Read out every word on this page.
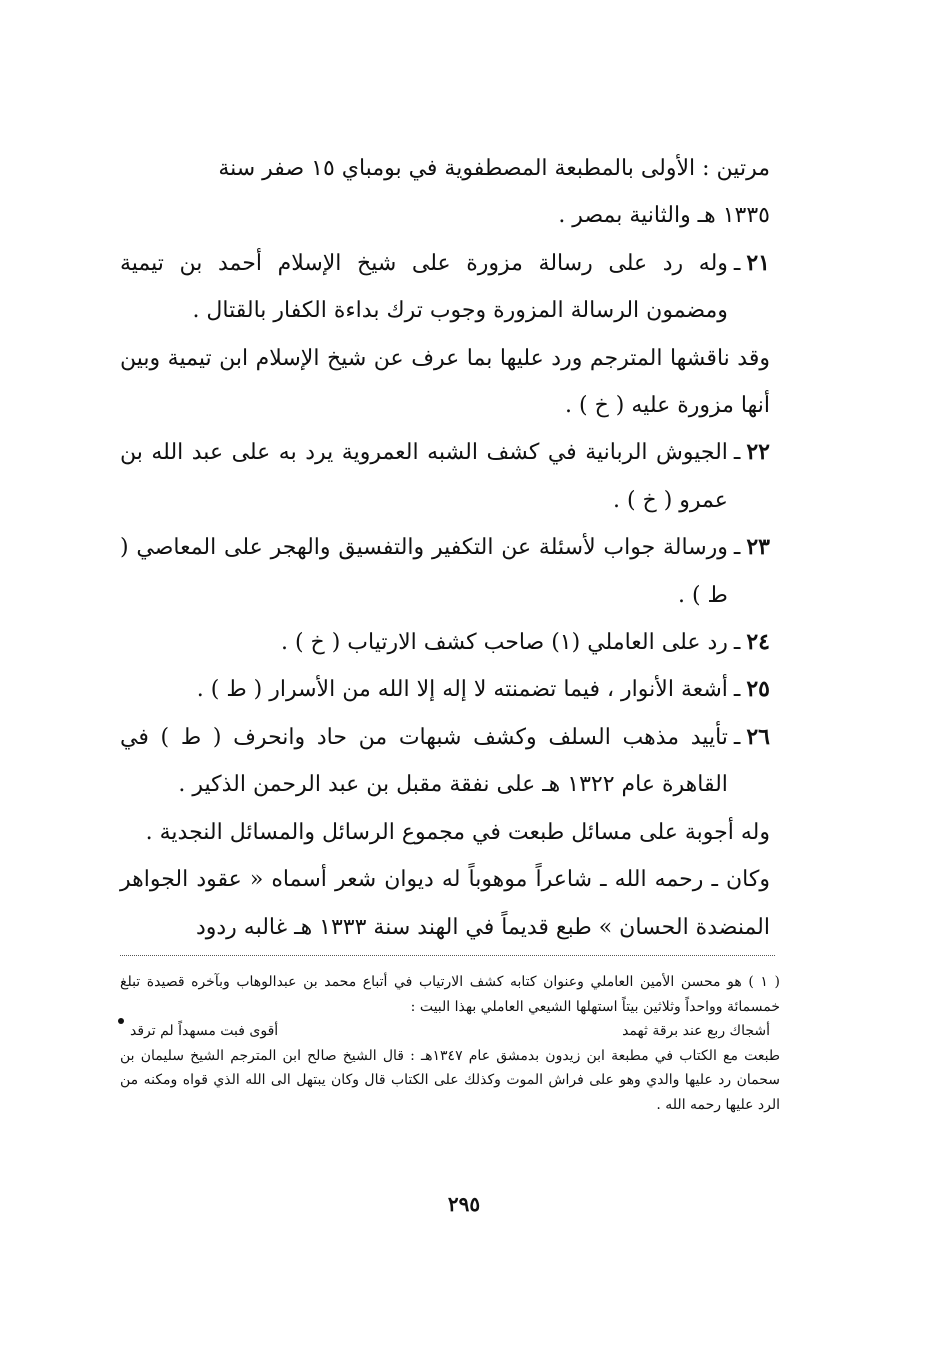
مرتين : الأولى بالمطبعة المصطفوية في بومباي ١٥ صفر سنة

١٣٣٥ هـ والثانية بمصر .

٢١
ـ
وله رد على رسالة مزورة على شيخ الإسلام أحمد بن تيمية ومضمون الرسالة المزورة وجوب ترك بداءة الكفار بالقتال .

وقد ناقشها المترجم ورد عليها بما عرف عن شيخ الإسلام ابن تيمية وبين أنها مزورة عليه ( خ ) .

٢٢
ـ
الجيوش الربانية في كشف الشبه العمروية يرد به على عبد الله بن عمرو ( خ ) .
٢٣
ـ
ورسالة جواب لأسئلة عن التكفير والتفسيق والهجر على المعاصي ( ط ) .
٢٤
ـ
رد على العاملي (١) صاحب كشف الارتياب ( خ ) .
٢٥
ـ
أشعة الأنوار ، فيما تضمنته لا إله إلا الله من الأسرار ( ط ) .
٢٦
ـ
تأييد مذهب السلف وكشف شبهات من حاد وانحرف ( ط ) في القاهرة عام ١٣٢٢ هـ على نفقة مقبل بن عبد الرحمن الذكير .

وله أجوبة على مسائل طبعت في مجموع الرسائل والمسائل النجدية .

وكان ـ رحمه الله ـ شاعراً موهوباً له ديوان شعر أسماه « عقود الجواهر المنضدة الحسان » طبع قديماً في الهند سنة ١٣٣٣ هـ غالبه ردود

( ١ ) هو محسن الأمين العاملي وعنوان كتابه كشف الارتياب في أتباع محمد بن عبدالوهاب وبآخره قصيدة تبلغ خمسمائة وواحداً وثلاثين بيتاً استهلها الشيعي العاملي بهذا البيت :

أشجاك ربع عند برقة ثهمد
أقوى فبت مسهداً لم ترقد

طبعت مع الكتاب في مطبعة ابن زيدون بدمشق عام ١٣٤٧هـ : قال الشيخ صالح ابن المترجم الشيخ سليمان بن سحمان رد عليها والدي وهو على فراش الموت وكذلك على الكتاب قال وكان يبتهل الى الله الذي قواه ومكنه من الرد عليها رحمه الله .

٢٩٥
